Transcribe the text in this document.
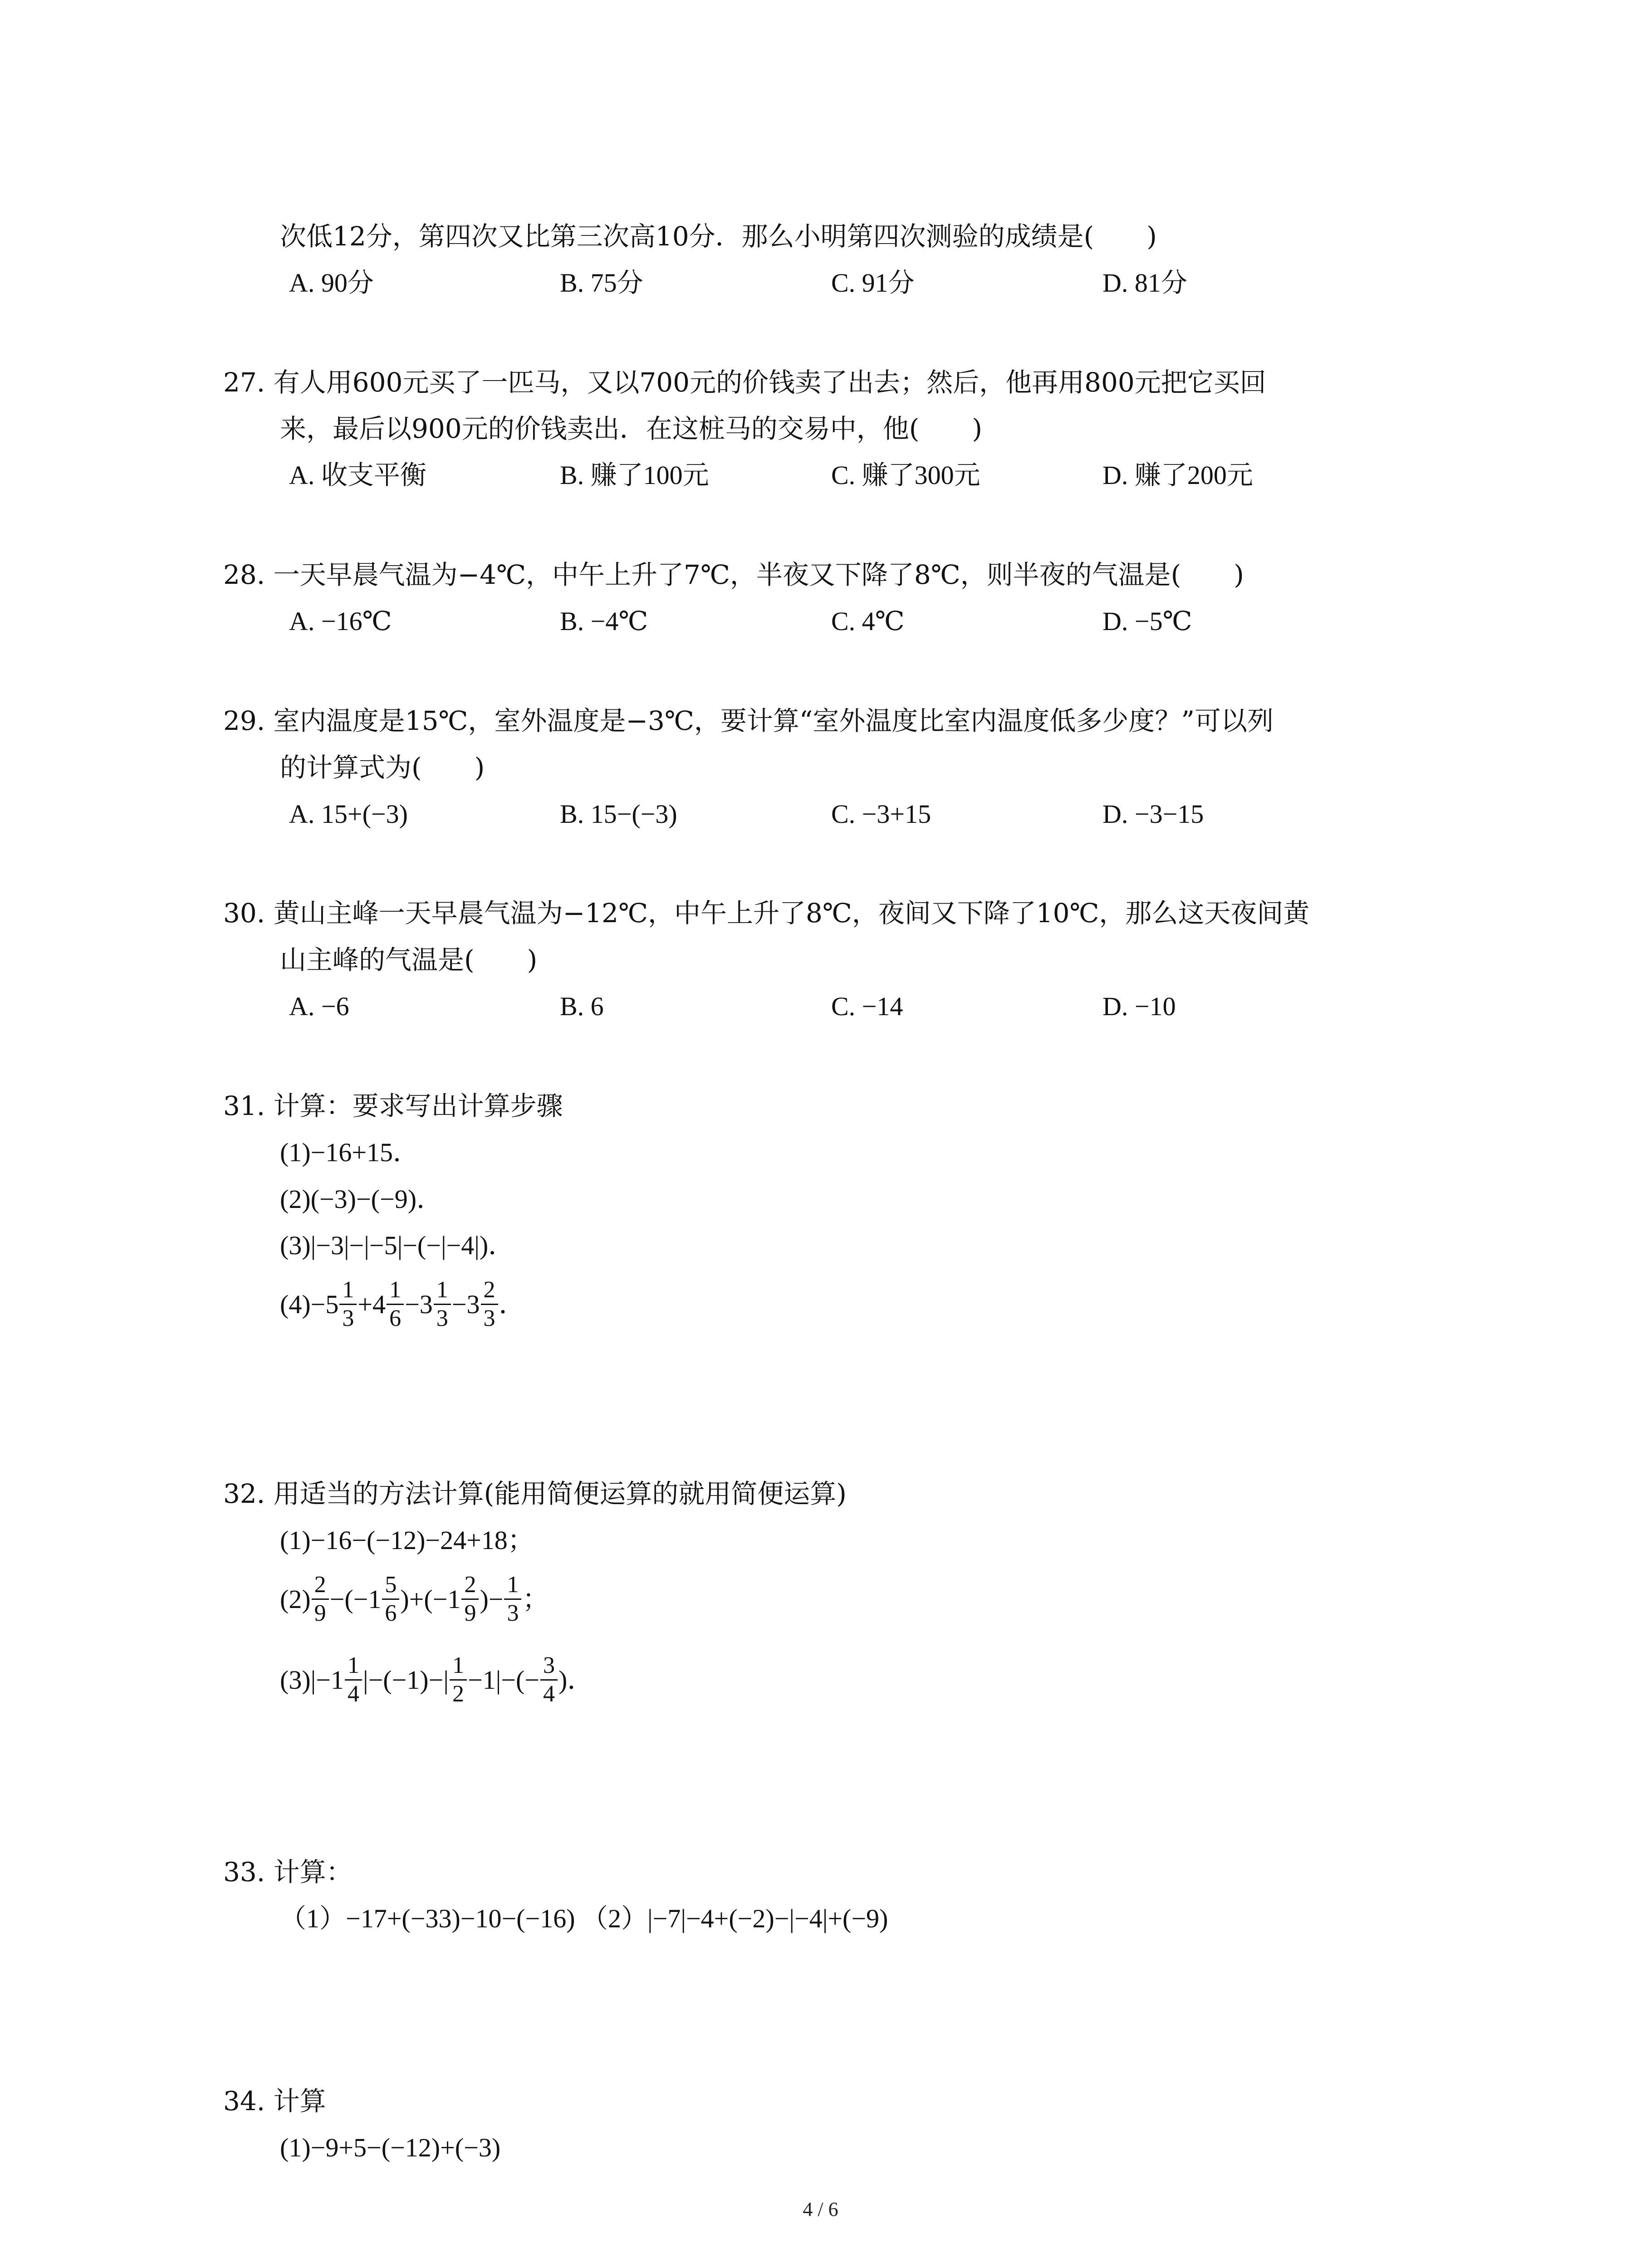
次低12分，第四次又比第三次高10分．那么小明第四次测验的成绩是(　　)
A. 90分	B. 75分	C. 91分	D. 81分
27. 有人用600元买了一匹马，又以700元的价钱卖了出去；然后，他再用800元把它买回
来，最后以900元的价钱卖出．在这桩马的交易中，他(　　)
A. 收支平衡	B. 赚了100元	C. 赚了300元	D. 赚了200元
28. 一天早晨气温为−4℃，中午上升了7℃，半夜又下降了8℃，则半夜的气温是(　　)
A. −16℃	B. −4℃	C. 4℃	D. −5℃
29. 室内温度是15℃，室外温度是−3℃，要计算“室外温度比室内温度低多少度？”可以列
的计算式为(　　)
A. 15+(−3)	B. 15−(−3)	C. −3+15	D. −3−15
30. 黄山主峰一天早晨气温为−12℃，中午上升了8℃，夜间又下降了10℃，那么这天夜间黄
山主峰的气温是(　　)
A. −6	B. 6	C. −14	D. −10
31. 计算：要求写出计算步骤
(1)−16+15．
(2)(−3)−(−9)．
(3)|−3|−|−5|−(−|−4|)．
$(4)-5 \frac{1}{3} +4 \frac{1}{6} -3 \frac{1}{3} -3 \frac{2}{3}$ ．
32. 用适当的方法计算(能用简便运算的就用简便运算)
(1)−16−(−12)−24+18；
$(2) \frac{2}{9} -(-1 \frac{5}{6} )+(-1 \frac{2}{9}$ )− $\frac{1}{3}$ ；
$(3)|-1 \frac{1}{4} |-(-1)-| \frac{1}{2} -1|-(- \frac{3}{4}$ )．
33. 计算：
（1）−17+(−33)−10−(−16) （2）|−7|−4+(−2)−|−4|+(−9)
34. 计算
(1)−9+5−(−12)+(−3)
4 / 6
